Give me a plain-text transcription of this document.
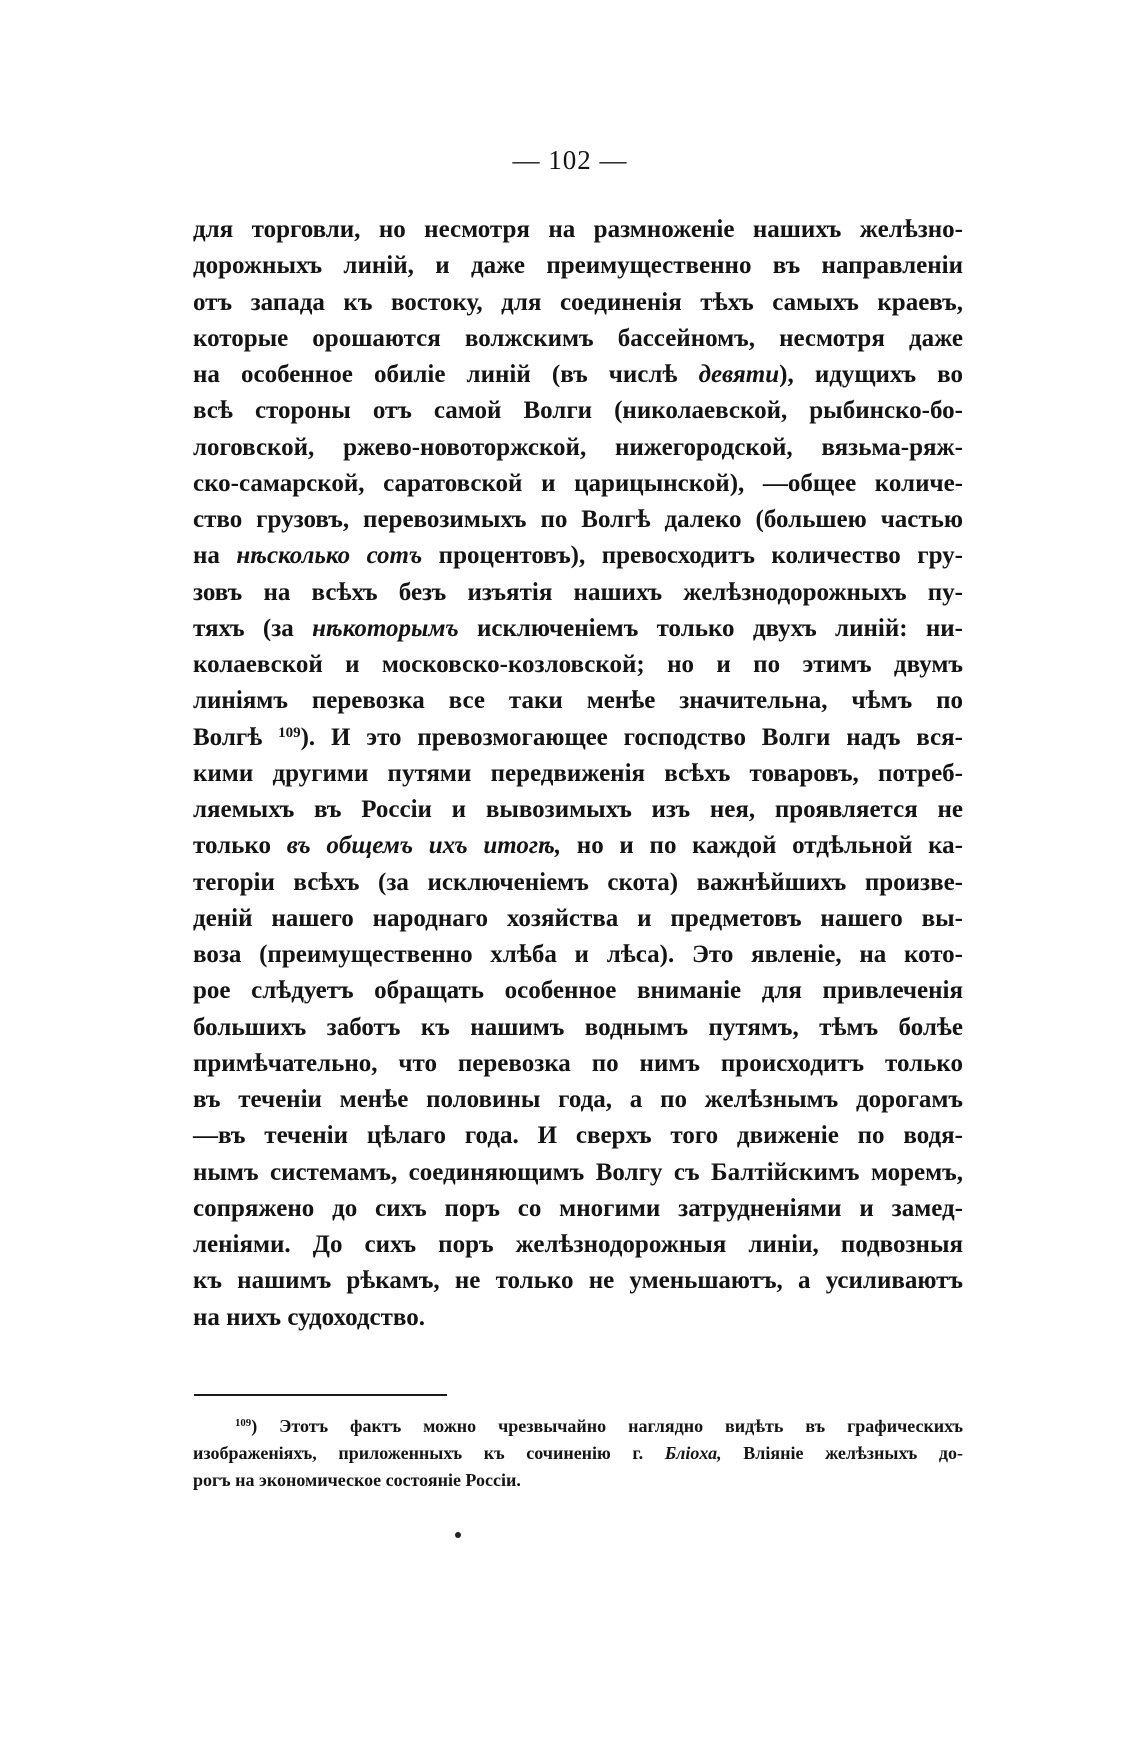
— 102 —
для торговли, но несмотря на размноженіе нашихъ желѣзно-
дорожныхъ линій, и даже преимущественно въ направленіи
отъ запада къ востоку, для соединенія тѣхъ самыхъ краевъ,
которые орошаются волжскимъ бассейномъ, несмотря даже
на особенное обиліе линій (въ числѣ девяти), идущихъ во
всѣ стороны отъ самой Волги (николаевской, рыбинско-бо-
логовской, ржево-новоторжской, нижегородской, вязьма-ряж-
ско-самарской, саратовской и царицынской), —общее количе-
ство грузовъ, перевозимыхъ по Волгѣ далеко (большею частью
на нѣсколько сотъ процентовъ), превосходитъ количество гру-
зовъ на всѣхъ безъ изъятія нашихъ желѣзнодорожныхъ пу-
тяхъ (за нѣкоторымъ исключеніемъ только двухъ линій: ни-
колаевской и московско-козловской; но и по этимъ двумъ
линіямъ перевозка все таки менѣе значительна, чѣмъ по
Волгѣ $^{109}$). И это превозмогающее господство Волги надъ вся-
кими другими путями передвиженія всѣхъ товаровъ, потреб-
ляемыхъ въ Россіи и вывозимыхъ изъ нея, проявляется не
только въ общемъ ихъ итогѣ, но и по каждой отдѣльной ка-
тегоріи всѣхъ (за исключеніемъ скота) важнѣйшихъ произве-
деній нашего народнаго хозяйства и предметовъ нашего вы-
воза (преимущественно хлѣба и лѣса). Это явленіе, на кото-
рое слѣдуетъ обращать особенное вниманіе для привлеченія
большихъ заботъ къ нашимъ воднымъ путямъ, тѣмъ болѣе
примѣчательно, что перевозка по нимъ происходитъ только
въ теченіи менѣе половины года, а по желѣзнымъ дорогамъ
—въ теченіи цѣлаго года. И сверхъ того движеніе по водя-
нымъ системамъ, соединяющимъ Волгу съ Балтійскимъ моремъ,
сопряжено до сихъ поръ со многими затрудненіями и замед-
леніями. До сихъ поръ желѣзнодорожныя линіи, подвозныя
къ нашимъ рѣкамъ, не только не уменьшаютъ, а усиливаютъ
на нихъ судоходство.
$^{109}$) Этотъ фактъ можно чрезвычайно наглядно видѣть въ графическихъ
изображеніяхъ, приложенныхъ къ сочиненію г. Блioха, Вліяніе желѣзныхъ до-
рогъ на экономическое состояніе Россіи.
